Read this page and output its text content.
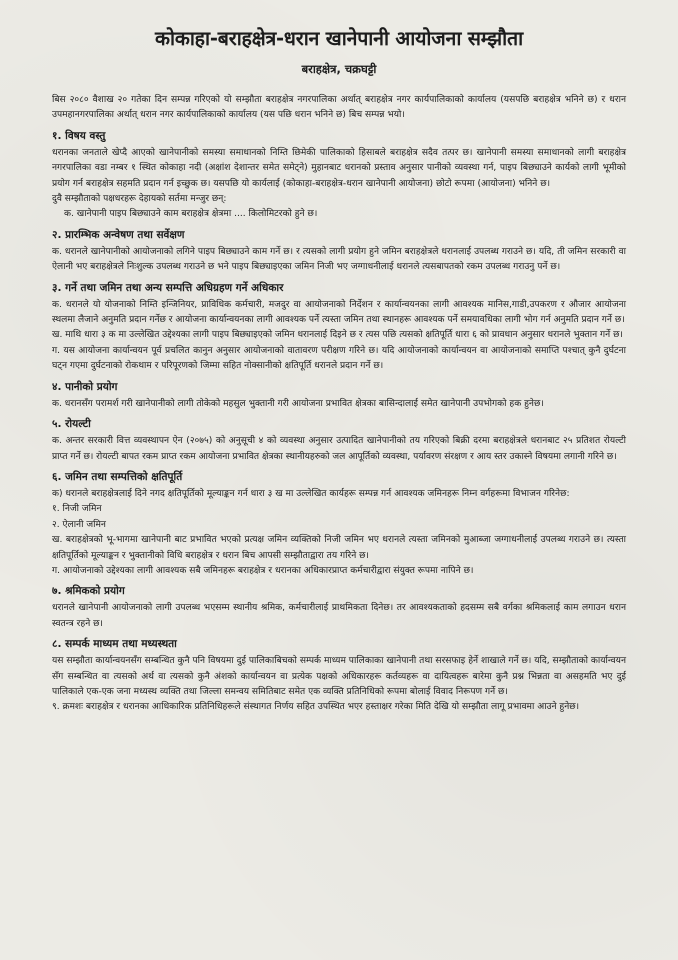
कोकाहा-बराहक्षेत्र-धरान खानेपानी आयोजना सम्झौता
बराहक्षेत्र, चक्रघट्टी

बिस २०८० वैशाख २० गतेका दिन सम्पन्न गरिएको यो सम्झौता बराहक्षेत्र नगरपालिका अर्थात् बराहक्षेत्र नगर कार्यपालिकाको कार्यालय (यसपछि बराहक्षेत्र भनिने छ) र धरान उपमहानगरपालिका अर्थात् धरान नगर कार्यपालिकाको कार्यालय (यस पछि धरान भनिने छ) बिच सम्पन्न भयो।

१. विषय वस्तु

धरानका जनताले खेप्दै आएको खानेपानीको समस्या समाधानको निम्ति छिमेकी पालिकाको हिसाबले बराहक्षेत्र सदैव तत्पर छ। खानेपानी समस्या समाधानको लागी बराहक्षेत्र नगरपालिका वडा नम्बर १ स्थित कोकाहा नदी (अक्षांश देशान्तर समेत समेट्ने) मुहानबाट धरानको प्रस्ताव अनुसार पानीको व्यवस्था गर्न, पाइप बिछ्याउने कार्यको लागी भूमीको प्रयोग गर्न बराहक्षेत्र सहमति प्रदान गर्न इच्छुक छ। यसपछि यो कार्यलाई (कोकाहा-बराहक्षेत्र-धरान खानेपानी आयोजना) छोटो रूपमा (आयोजना) भनिने छ।

दुवै सम्झौताको पक्षधरहरू देहायको सर्तमा मन्जुर छन्:

क. खानेपानी पाइप बिछ्याउने काम बराहक्षेत्र क्षेत्रमा .... किलोमिटरको हुने छ।

२. प्रारम्भिक अन्वेषण तथा सर्वेक्षण

क. धरानले खानेपानीको आयोजनाको लगिने पाइप बिछ्याउने काम गर्ने छ। र त्यसको लागी प्रयोग हुने जमिन बराहक्षेत्रले धरानलाई उपलब्ध गराउने छ। यदि, ती जमिन सरकारी वा ऐलानी भए बराहक्षेत्रले निःशुल्क उपलब्ध गराउने छ भने पाइप बिछ्याइएका जमिन निजी भए जग्गाधनीलाई धरानले त्यसबापतको रकम उपलब्ध गराउनु पर्ने छ।

३. गर्ने तथा जमिन तथा अन्य सम्पत्ति अधिग्रहण गर्ने अधिकार

क. धरानले यो योजनाको निम्ति इन्जिनियर, प्राविधिक कर्मचारी, मजदुर वा आयोजनाको निर्देशन र कार्यान्वयनका लागी आवश्यक मानिस,गाडी,उपकरण र औजार आयोजना स्थलमा लैजाने अनुमति प्रदान गर्नेछ र आयोजना कार्यान्वयनका लागी आवश्यक पर्ने त्यस्ता जमिन तथा स्थानहरू आवश्यक पर्ने समयावधिका लागी भोग गर्न अनुमति प्रदान गर्ने छ।

ख. माथि धारा ३ क मा उल्लेखित उद्देश्यका लागी पाइप बिछ्याइएको जमिन धरानलाई दिइने छ र त्यस पछि त्यसको क्षतिपूर्ति धारा ६ को प्रावधान अनुसार धरानले भुक्तान गर्ने छ।

ग. यस आयोजना कार्यान्वयन पूर्व प्रचलित कानुन अनुसार आयोजनाको वातावरण परीक्षण गरिने छ। यदि आयोजनाको कार्यान्वयन वा आयोजनाको समाप्ति पश्चात् कुनै दुर्घटना घट्न गएमा दुर्घटनाको रोकथाम र परिपूरणको जिम्मा सहित नोक्सानीको क्षतिपूर्ति धरानले प्रदान गर्ने छ।

४. पानीको प्रयोग

क. धरानसँग परामर्श गरी खानेपानीको लागी तोकेको महसुल भुक्तानी गरी आयोजना प्रभावित क्षेत्रका बासिन्दालाई समेत खानेपानी उपभोगको हक हुनेछ।

५. रोयल्टी

क. अन्तर सरकारी वित्त व्यवस्थापन ऐन (२०७५) को अनुसूची ४ को व्यवस्था अनुसार उत्पादित खानेपानीको तय गरिएको बिक्री दरमा बराहक्षेत्रले धरानबाट २५ प्रतिशत रोयल्टी प्राप्त गर्ने छ। रोयल्टी बापत रकम प्राप्त रकम आयोजना प्रभावित क्षेत्रका स्थानीयहरुको जल आपूर्तिको व्यवस्था, पर्यावरण संरक्षण र आय स्तर उकास्ने विषयमा लगानी गरिने छ।

६. जमिन तथा सम्पत्तिको क्षतिपूर्ति

क) धरानले बराहक्षेत्रलाई दिने नगद क्षतिपूर्तिको मूल्याङ्कन गर्न धारा ३ ख मा उल्लेखित कार्यहरू सम्पन्न गर्न आवश्यक जमिनहरू निम्न वर्गहरूमा विभाजन गरिनेछ:

१. निजी जमिन

२. ऐलानी जमिन

ख. बराहक्षेत्रको भू-भागमा खानेपानी बाट प्रभावित भएको प्रत्यक्ष जमिन व्यक्तिको निजी जमिन भए धरानले त्यस्ता जमिनको मुआब्जा जग्गाधनीलाई उपलब्ध गराउने छ। त्यस्ता क्षतिपूर्तिको मूल्याङ्कन र भुक्तानीको विधि बराहक्षेत्र र धरान बिच आपसी सम्झौताद्वारा तय गरिने छ।

ग. आयोजनाको उद्देश्यका लागी आवश्यक सबै जमिनहरू बराहक्षेत्र र धरानका अधिकारप्राप्त कर्मचारीद्वारा संयुक्त रूपमा नापिने छ।

७. श्रमिकको प्रयोग

धरानले खानेपानी आयोजनाको लागी उपलब्ध भएसम्म स्थानीय श्रमिक, कर्मचारीलाई प्राथमिकता दिनेछ। तर आवश्यकताको हदसम्म सबै वर्गका श्रमिकलाई काम लगाउन धरान स्वतन्त्र रहने छ।

८. सम्पर्क माध्यम तथा मध्यस्थता

यस सम्झौता कार्यान्वयनसँग सम्बन्धित कुनै पनि विषयमा दुई पालिकाबिचको सम्पर्क माध्यम पालिकाका खानेपानी तथा सरसफाइ हेर्ने शाखाले गर्ने छ। यदि, सम्झौताको कार्यान्वयन सँग सम्बन्धित वा त्यसको अर्थ वा त्यसको कुनै अंशको कार्यान्वयन वा प्रत्येक पक्षको अधिकारहरू कर्तव्यहरू वा दायित्वहरू बारेमा कुनै प्रश्न भिन्नता वा असहमति भए दुई पालिकाले एक-एक जना मध्यस्थ व्यक्ति तथा जिल्ला समन्वय समितिबाट समेत एक व्यक्ति प्रतिनिधिको रूपमा बोलाई विवाद निरूपण गर्ने छ।

९. क्रमशः बराहक्षेत्र र धरानका आधिकारिक प्रतिनिधिहरूले संस्थागत निर्णय सहित उपस्थित भएर हस्ताक्षर गरेका मिति देखि यो सम्झौता लागू प्रभावमा आउने हुनेछ।
